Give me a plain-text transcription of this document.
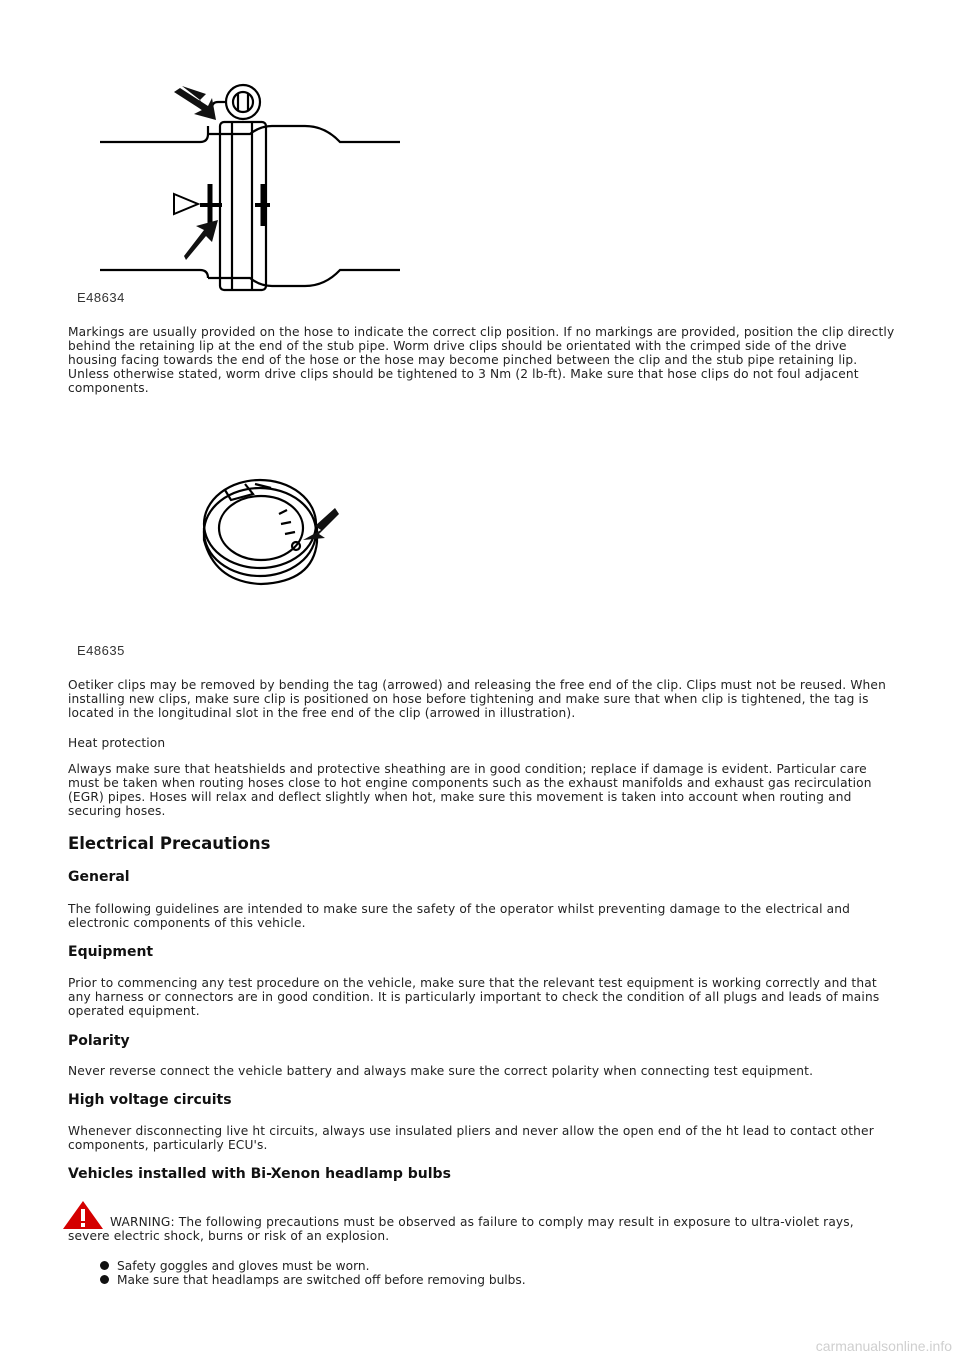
E48634

Markings are usually provided on the hose to indicate the correct clip position. If no markings are provided, position the clip directly behind the retaining lip at the end of the stub pipe. Worm drive clips should be orientated with the crimped side of the drive housing facing towards the end of the hose or the hose may become pinched between the clip and the stub pipe retaining lip. Unless otherwise stated, worm drive clips should be tightened to 3 Nm (2 lb-ft). Make sure that hose clips do not foul adjacent components.

E48635

Oetiker clips may be removed by bending the tag (arrowed) and releasing the free end of the clip. Clips must not be reused. When installing new clips, make sure clip is positioned on hose before tightening and make sure that when clip is tightened, the tag is located in the longitudinal slot in the free end of the clip (arrowed in illustration).

Heat protection

Always make sure that heatshields and protective sheathing are in good condition; replace if damage is evident. Particular care must be taken when routing hoses close to hot engine components such as the exhaust manifolds and exhaust gas recirculation (EGR) pipes. Hoses will relax and deflect slightly when hot, make sure this movement is taken into account when routing and securing hoses.

Electrical Precautions
General

The following guidelines are intended to make sure the safety of the operator whilst preventing damage to the electrical and electronic components of this vehicle.

Equipment

Prior to commencing any test procedure on the vehicle, make sure that the relevant test equipment is working correctly and that any harness or connectors are in good condition. It is particularly important to check the condition of all plugs and leads of mains operated equipment.

Polarity

Never reverse connect the vehicle battery and always make sure the correct polarity when connecting test equipment.

High voltage circuits

Whenever disconnecting live ht circuits, always use insulated pliers and never allow the open end of the ht lead to contact other components, particularly ECU's.

Vehicles installed with Bi-Xenon headlamp bulbs

WARNING: The following precautions must be observed as failure to comply may result in exposure to ultra-violet rays, severe electric shock, burns or risk of an explosion.

Safety goggles and gloves must be worn.
Make sure that headlamps are switched off before removing bulbs.
carmanualsonline.info
